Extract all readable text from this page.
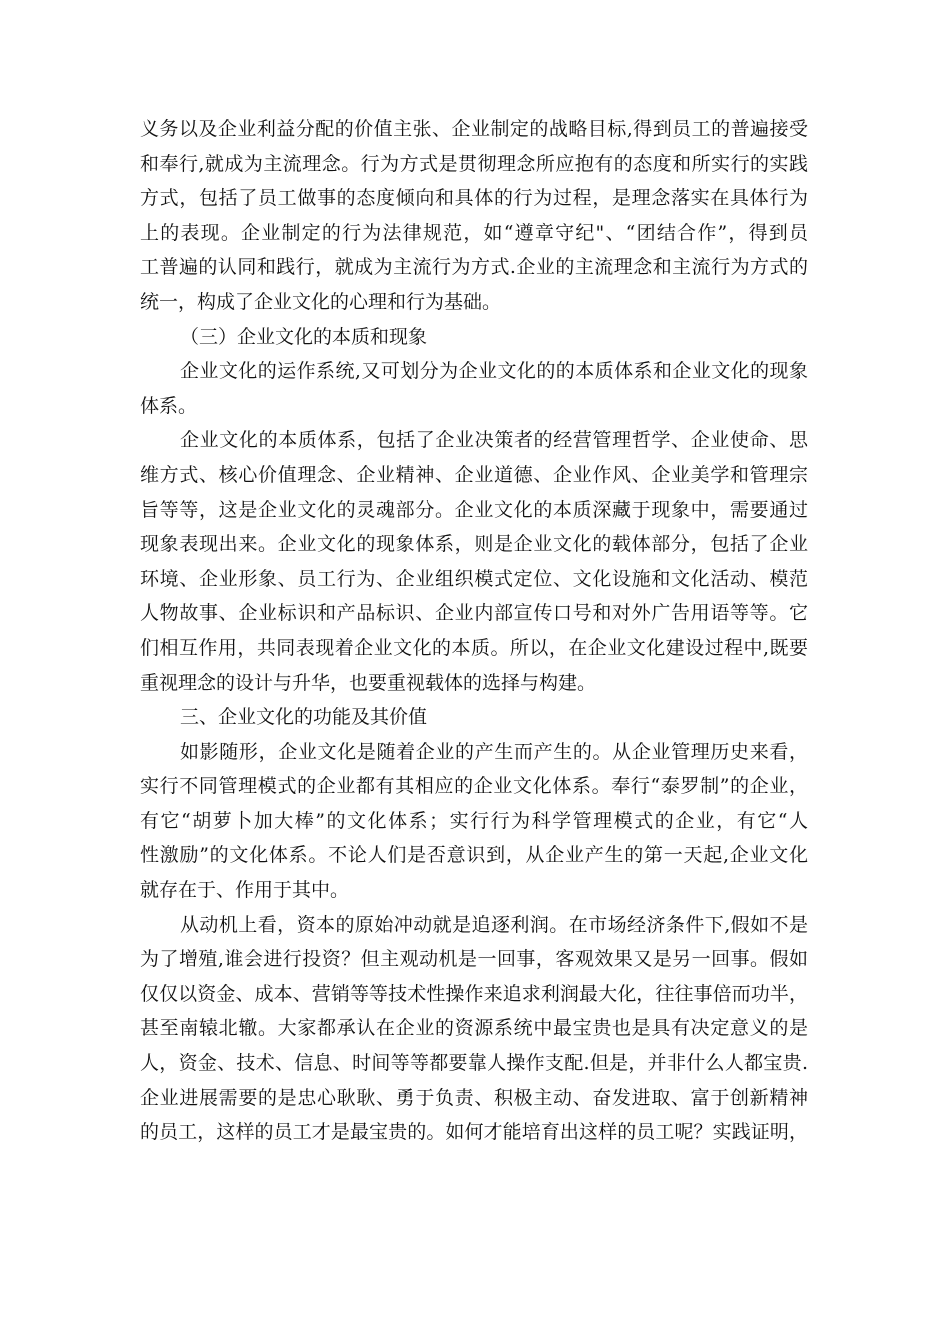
义务以及企业利益分配的价值主张、企业制定的战略目标,得到员工的普遍接受
和奉行,就成为主流理念。行为方式是贯彻理念所应抱有的态度和所实行的实践
方式，包括了员工做事的态度倾向和具体的行为过程，是理念落实在具体行为
上的表现。企业制定的行为法律规范，如“遵章守纪"、“团结合作”，得到员
工普遍的认同和践行，就成为主流行为方式.企业的主流理念和主流行为方式的
统一，构成了企业文化的心理和行为基础。
（三）企业文化的本质和现象
企业文化的运作系统,又可划分为企业文化的的本质体系和企业文化的现象
体系。
企业文化的本质体系，包括了企业决策者的经营管理哲学、企业使命、思
维方式、核心价值理念、企业精神、企业道德、企业作风、企业美学和管理宗
旨等等，这是企业文化的灵魂部分。企业文化的本质深藏于现象中，需要通过
现象表现出来。企业文化的现象体系，则是企业文化的载体部分，包括了企业
环境、企业形象、员工行为、企业组织模式定位、文化设施和文化活动、模范
人物故事、企业标识和产品标识、企业内部宣传口号和对外广告用语等等。它
们相互作用，共同表现着企业文化的本质。所以，在企业文化建设过程中,既要
重视理念的设计与升华，也要重视载体的选择与构建。
三、企业文化的功能及其价值
如影随形，企业文化是随着企业的产生而产生的。从企业管理历史来看，
实行不同管理模式的企业都有其相应的企业文化体系。奉行“泰罗制”的企业，
有它“胡萝卜加大棒”的文化体系；实行行为科学管理模式的企业，有它“人
性激励”的文化体系。不论人们是否意识到，从企业产生的第一天起,企业文化
就存在于、作用于其中。
从动机上看，资本的原始冲动就是追逐利润。在市场经济条件下,假如不是
为了增殖,谁会进行投资？但主观动机是一回事，客观效果又是另一回事。假如
仅仅以资金、成本、营销等等技术性操作来追求利润最大化，往往事倍而功半，
甚至南辕北辙。大家都承认在企业的资源系统中最宝贵也是具有决定意义的是
人，资金、技术、信息、时间等等都要靠人操作支配.但是，并非什么人都宝贵.
企业进展需要的是忠心耿耿、勇于负责、积极主动、奋发进取、富于创新精神
的员工，这样的员工才是最宝贵的。如何才能培育出这样的员工呢？实践证明，
